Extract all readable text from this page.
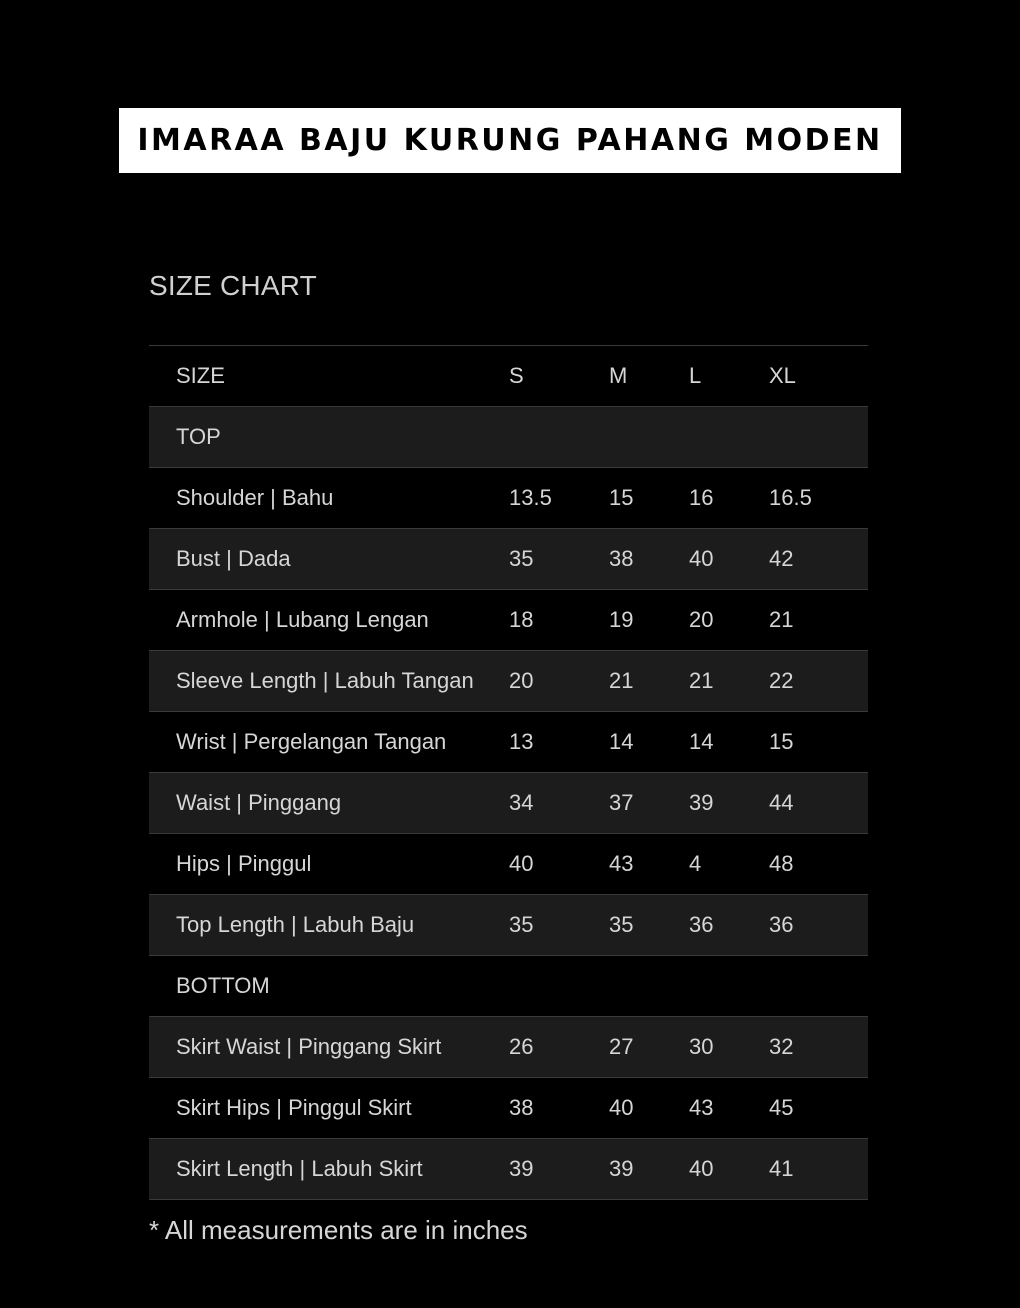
IMARAA BAJU KURUNG PAHANG MODEN
SIZE CHART
SIZE	S	M	L	XL
TOP				
Shoulder | Bahu	13.5	15	16	16.5
Bust | Dada	35	38	40	42
Armhole | Lubang Lengan	18	19	20	21
Sleeve Length | Labuh Tangan	20	21	21	22
Wrist | Pergelangan Tangan	13	14	14	15
Waist | Pinggang	34	37	39	44
Hips | Pinggul	40	43	4	48
Top Length | Labuh Baju	35	35	36	36
BOTTOM				
Skirt Waist | Pinggang Skirt	26	27	30	32
Skirt Hips | Pinggul Skirt	38	40	43	45
Skirt Length | Labuh Skirt	39	39	40	41
* All measurements are in inches
